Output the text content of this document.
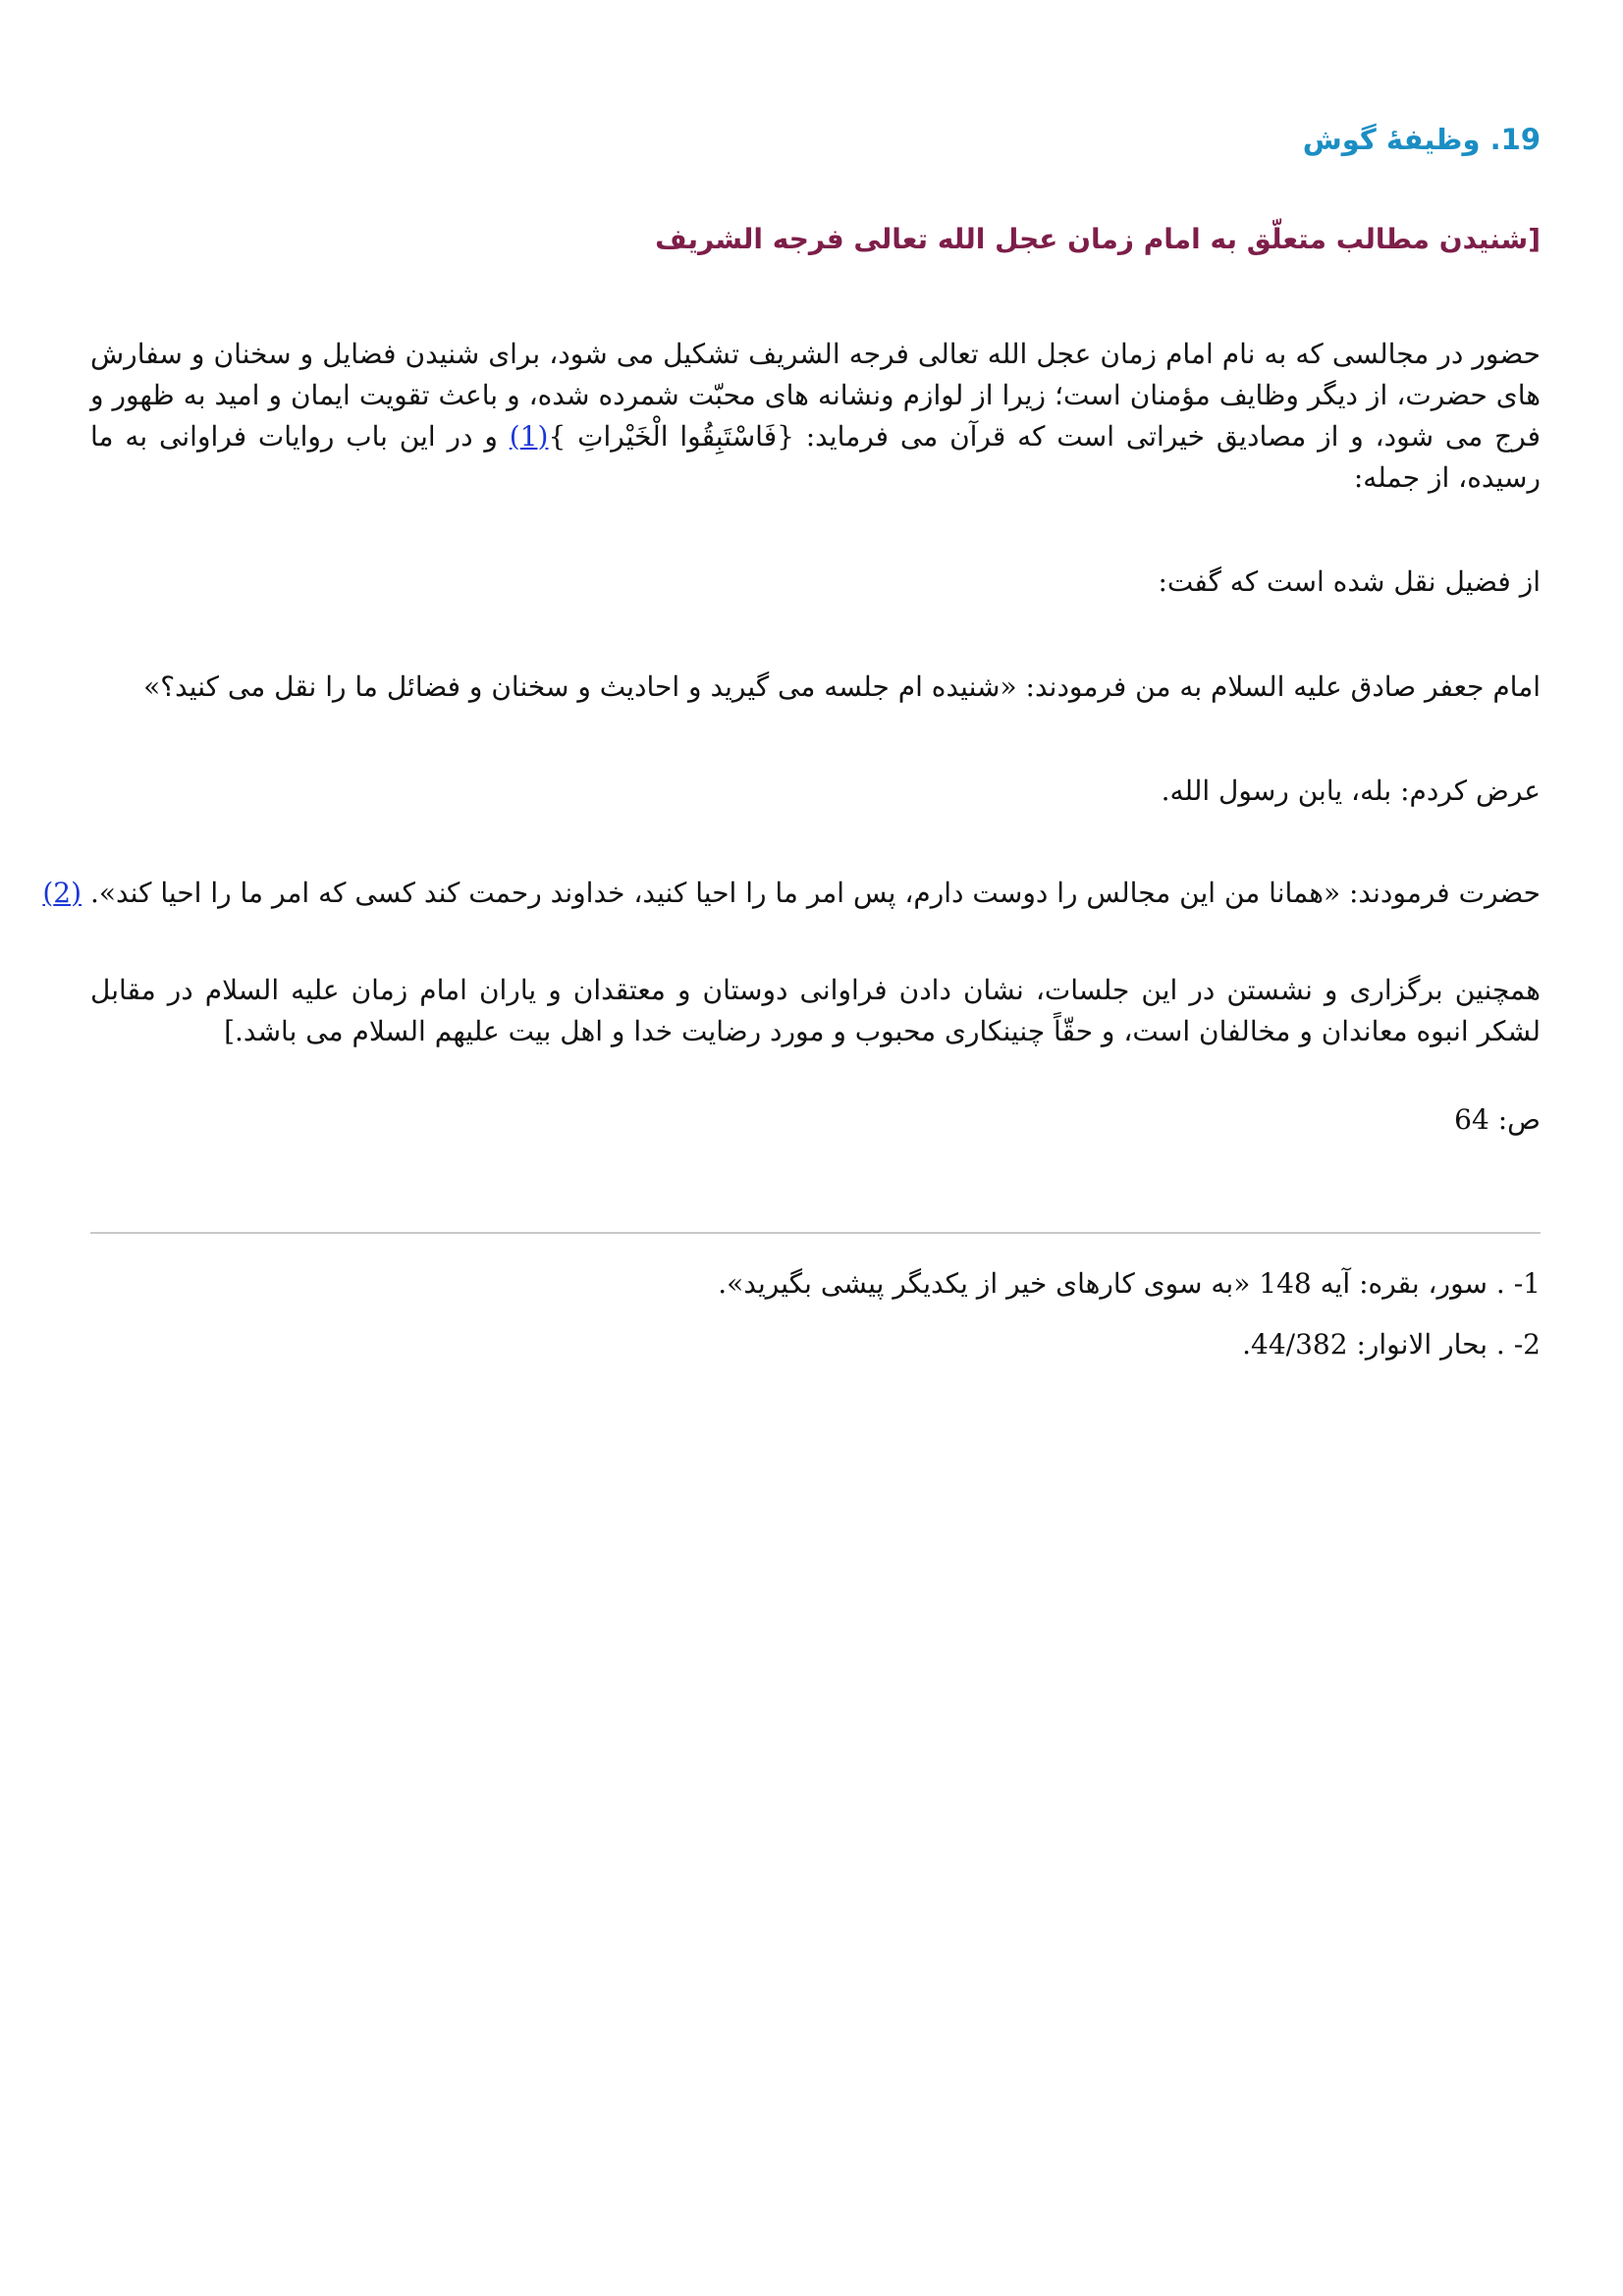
19. وظیفهٔ گوش
[شنیدن مطالب متعلّق به امام زمان عجل الله تعالی فرجه الشریف
حضور در مجالسی که به نام امام زمان عجل الله تعالی فرجه الشریف تشکیل می شود، برای شنیدن فضایل و سخنان و سفارش های حضرت، از دیگر وظایف مؤمنان است؛ زیرا از لوازم ونشانه های محبّت شمرده شده، و باعث تقویت ایمان و امید به ظهور و فرج می شود، و از مصادیق خیراتی است که قرآن می فرماید: {فَاسْتَبِقُوا الْخَیْراتِ }(1) و در این باب روایات فراوانی به ما رسیده، از جمله:
از فضیل نقل شده است که گفت:
امام جعفر صادق علیه السلام به من فرمودند: «شنیده ام جلسه می گیرید و احادیث و سخنان و فضائل ما را نقل می کنید؟»
عرض کردم: بله، یابن رسول الله.
حضرت فرمودند: «همانا من این مجالس را دوست دارم، پس امر ما را احیا کنید، خداوند رحمت کند کسی که امر ما را احیا کند». (2)
همچنین برگزاری و نشستن در این جلسات، نشان دادن فراوانی دوستان و معتقدان و یاران امام زمان علیه السلام در مقابل لشکر انبوه معاندان و مخالفان است، و حقّاً چنینکاری محبوب و مورد رضایت خدا و اهل بیت علیهم السلام می باشد.]
ص: 64
1- . سور، بقره: آیه 148 «به سوی کارهای خیر از یکدیگر پیشی بگیرید».
2- . بحار الانوار: 44/382.
